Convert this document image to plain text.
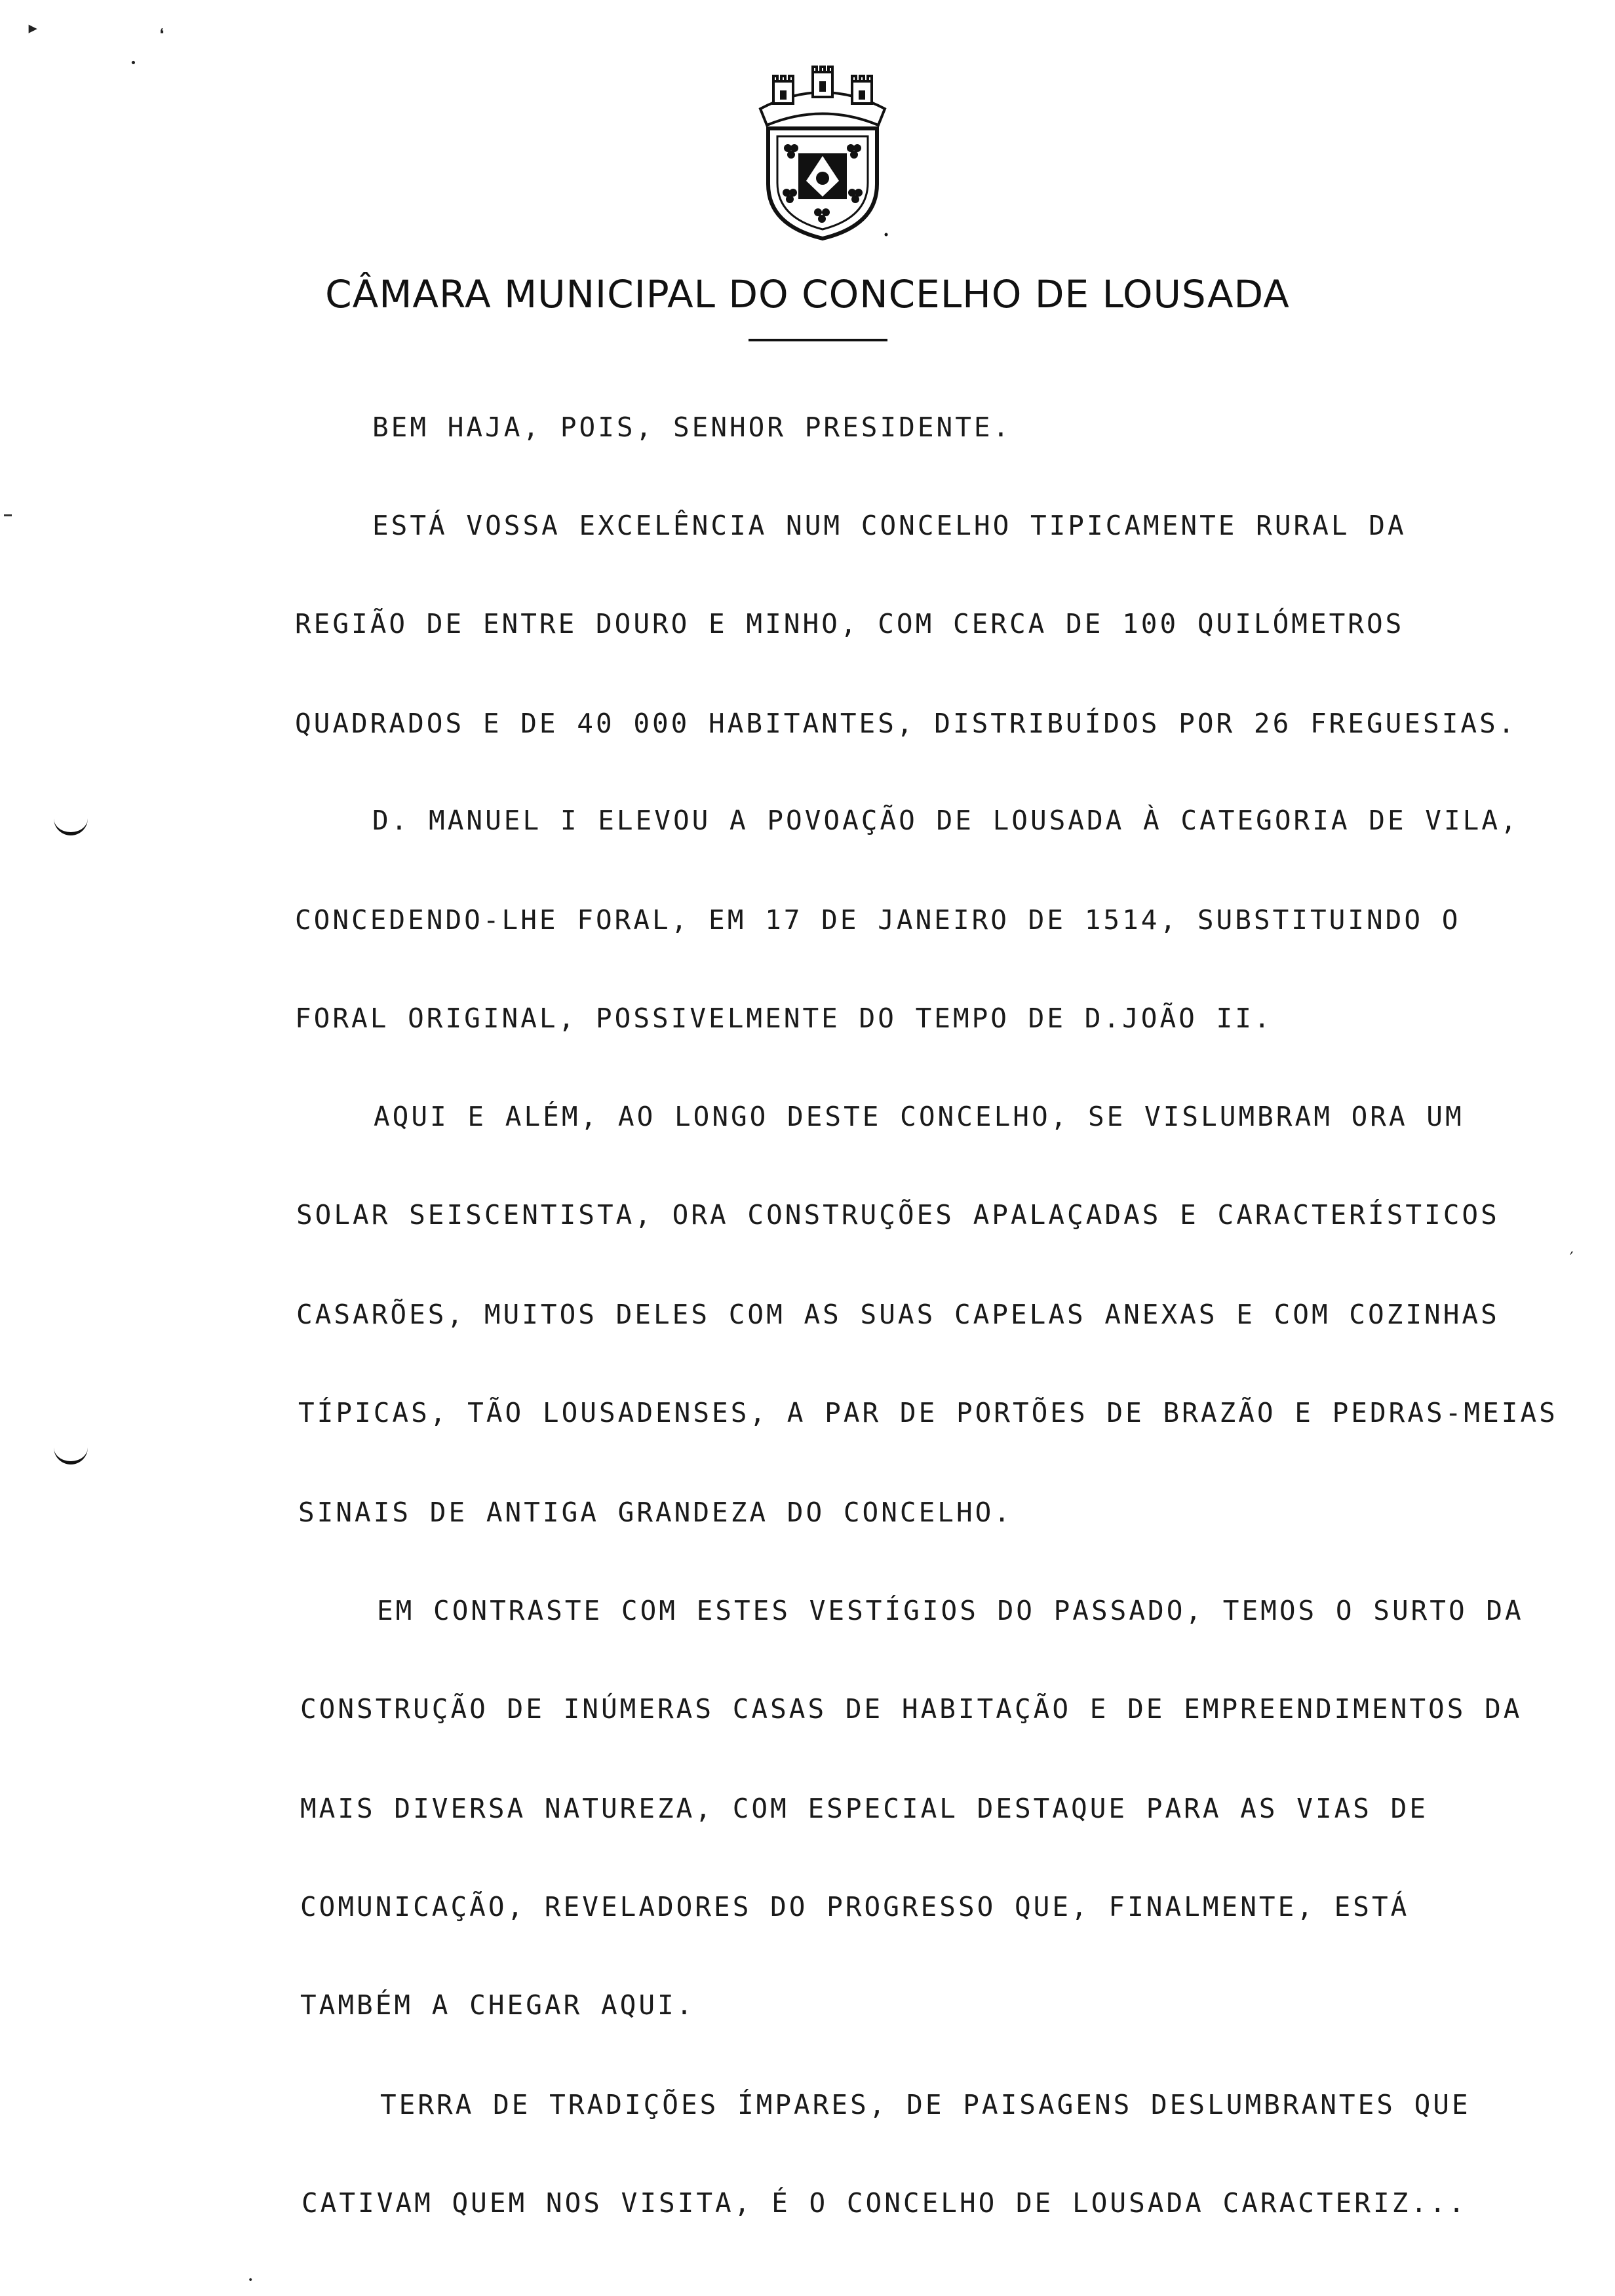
▸	❛
•
′
CÂMARA MUNICIPAL DO CONCELHO DE LOUSADA
BEM HAJA, POIS, SENHOR PRESIDENTE.
ESTÁ VOSSA EXCELÊNCIA NUM CONCELHO TIPICAMENTE RURAL DA
REGIÃO DE ENTRE DOURO E MINHO, COM CERCA DE 100 QUILÓMETROS
QUADRADOS E DE 40 000 HABITANTES, DISTRIBUÍDOS POR 26 FREGUESIAS.
D. MANUEL I ELEVOU A POVOAÇÃO DE LOUSADA À CATEGORIA DE VILA,
CONCEDENDO-LHE FORAL, EM 17 DE JANEIRO DE 1514, SUBSTITUINDO O
FORAL ORIGINAL, POSSIVELMENTE DO TEMPO DE D.JOÃO II.
AQUI E ALÉM, AO LONGO DESTE CONCELHO, SE VISLUMBRAM ORA UM
SOLAR SEISCENTISTA, ORA CONSTRUÇÕES APALAÇADAS E CARACTERÍSTICOS
CASARÕES, MUITOS DELES COM AS SUAS CAPELAS ANEXAS E COM COZINHAS
TÍPICAS, TÃO LOUSADENSES, A PAR DE PORTÕES DE BRAZÃO E PEDRAS-MEIAS
SINAIS DE ANTIGA GRANDEZA DO CONCELHO.
EM CONTRASTE COM ESTES VESTÍGIOS DO PASSADO, TEMOS O SURTO DA
CONSTRUÇÃO DE INÚMERAS CASAS DE HABITAÇÃO E DE EMPREENDIMENTOS DA
MAIS DIVERSA NATUREZA, COM ESPECIAL DESTAQUE PARA AS VIAS DE
COMUNICAÇÃO, REVELADORES DO PROGRESSO QUE, FINALMENTE, ESTÁ
TAMBÉM A CHEGAR AQUI.
TERRA DE TRADIÇÕES ÍMPARES, DE PAISAGENS DESLUMBRANTES QUE
CATIVAM QUEM NOS VISITA, É O CONCELHO DE LOUSADA CARACTERIZ...
•
